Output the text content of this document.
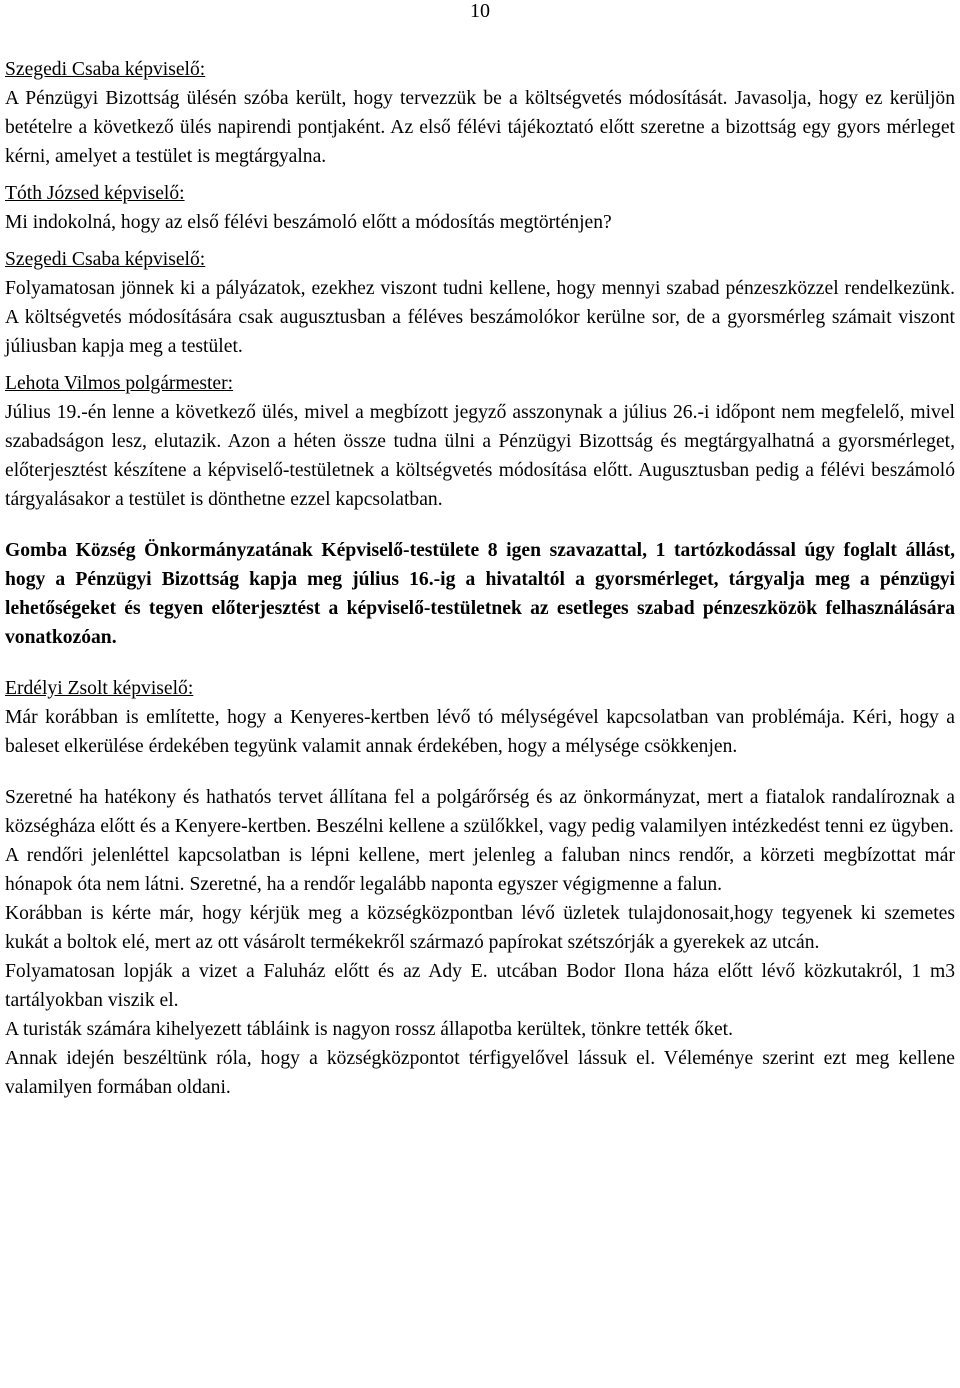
10
Szegedi Csaba képviselő:

A Pénzügyi Bizottság ülésén szóba került, hogy tervezzük be a költségvetés módosítását. Javasolja, hogy ez kerüljön betételre a következő ülés napirendi pontjaként. Az első félévi tájékoztató előtt szeretne a bizottság egy gyors mérleget kérni, amelyet a testület is megtárgyalna.

Tóth Józsed képviselő:

Mi indokolná, hogy az első félévi beszámoló előtt a módosítás megtörténjen?

Szegedi Csaba képviselő:

Folyamatosan jönnek ki a pályázatok, ezekhez viszont tudni kellene, hogy mennyi szabad pénzeszközzel rendelkezünk. A költségvetés módosítására csak augusztusban a féléves beszámolókor kerülne sor, de a gyorsmérleg számait viszont júliusban kapja meg a testület.

Lehota Vilmos polgármester:

Július 19.-én lenne a következő ülés, mivel a megbízott jegyző asszonynak a július 26.-i időpont nem megfelelő, mivel szabadságon lesz, elutazik. Azon a héten össze tudna ülni a Pénzügyi Bizottság és megtárgyalhatná a gyorsmérleget, előterjesztést készítene a képviselő-testületnek a költségvetés módosítása előtt. Augusztusban pedig a félévi beszámoló tárgyalásakor a testület is dönthetne ezzel kapcsolatban.

Gomba Község Önkormányzatának Képviselő-testülete 8 igen szavazattal, 1 tartózkodással úgy foglalt állást, hogy a Pénzügyi Bizottság kapja meg július 16.-ig a hivataltól a gyorsmérleget, tárgyalja meg a pénzügyi lehetőségeket és tegyen előterjesztést a képviselő-testületnek az esetleges szabad pénzeszközök felhasználására vonatkozóan.

Erdélyi Zsolt képviselő:

Már korábban is említette, hogy a Kenyeres-kertben lévő tó mélységével kapcsolatban van problémája. Kéri, hogy a baleset elkerülése érdekében tegyünk valamit annak érdekében, hogy a mélysége csökkenjen.

Szeretné ha hatékony és hathatós tervet állítana fel a polgárőrség és az önkormányzat, mert a fiatalok randalíroznak a községháza előtt és a Kenyere-kertben. Beszélni kellene a szülőkkel, vagy pedig valamilyen intézkedést tenni ez ügyben.

A rendőri jelenléttel kapcsolatban is lépni kellene, mert jelenleg a faluban nincs rendőr, a körzeti megbízottat már hónapok óta nem látni. Szeretné, ha a rendőr legalább naponta egyszer végigmenne a falun.

Korábban is kérte már, hogy kérjük meg a községközpontban lévő üzletek tulajdonosait,hogy tegyenek ki szemetes kukát a boltok elé, mert az ott vásárolt termékekről származó papírokat szétszórják a gyerekek az utcán.

Folyamatosan lopják a vizet a Faluház előtt és az Ady E. utcában Bodor Ilona háza előtt lévő közkutakról, 1 m3 tartályokban viszik el.

A turisták számára kihelyezett tábláink is nagyon rossz állapotba kerültek, tönkre tették őket.

Annak idején beszéltünk róla, hogy a községközpontot térfigyelővel lássuk el. Véleménye szerint ezt meg kellene valamilyen formában oldani.
